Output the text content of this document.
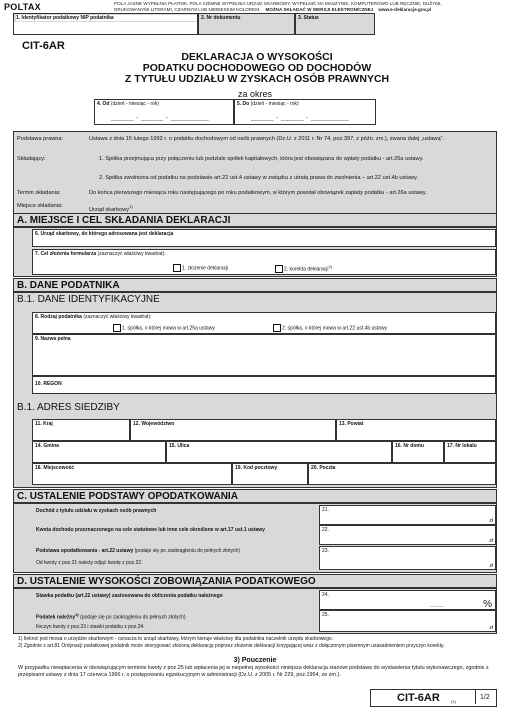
POLTAX	POLA JASNE WYPEŁNIA PŁATNIK, POLA CIEMNE WYPEŁNIA URZĄD SKARBOWY. WYPEŁNIĆ NA MASZYNIE, KOMPUTEROWO LUB RĘCZNIE, DUŻYMI,
DRUKOWANYMI LITERAMI, CZARNYM LUB NIEBIESKIM KOLOREM. MOŻNA SKŁADAĆ W WERSJI ELEKTRONICZNEJ www.e-deklaracje.gov.pl
1. Identyfikator podatkowy NIP podatnika	2. Nr dokumentu	3. Status
CIT-6AR
DEKLARACJA O WYSOKOŚCI
PODATKU DOCHODOWEGO OD DOCHODÓW
Z TYTUŁU UDZIAŁU W ZYSKACH OSÓB PRAWNYCH
za okres
4. Od (dzień - miesiąc - rok)
______ - ______ - __________
5. Do (dzień - miesiąc - rok)
______ - ______ - __________
Podstawa prawna:	Ustawa z dnia 15 lutego 1992 r. o podatku dochodowym od osób prawnych (Dz.U. z 2011 r. Nr 74, poz.397, z późn. zm.), zwana dalej „ustawą”.
Składający:	1. Spółka przejmująca przy połączeniu lub podziale spółek kapitałowych, która jest obowiązana do wpłaty podatku - art.25a ustawy.
2. Spółka zwolniona od podatku na podstawie art.22 ust.4 ustawy w związku z utratą prawa do zwolnienia – art.22 ust.4b ustawy.
Termin składania:	Do końca pierwszego miesiąca roku następującego po roku podatkowym, w którym powstał obowiązek zapłaty podatku - art.26a ustawy.
Miejsce składania:
Urząd skarbowy$^{1)}$
A. MIEJSCE I CEL SKŁADANIA DEKLARACJI
6. Urząd skarbowy, do którego adresowana jest deklaracja
7. Cel złożenia formularza (zaznaczyć właściwy kwadrat):
1. złożenie deklaracji	2. korekta deklaracji$^{2)}$
B. DANE PODATNIKA
B.1. DANE IDENTYFIKACYJNE
8. Rodzaj podatnika (zaznaczyć właściwy kwadrat):
1. spółka, o której mowa w art.25a ustawy	2. spółka, o której mowa w art.22 ust.4b ustawy
9. Nazwa pełna
10. REGON
B.1. ADRES SIEDZIBY
11. Kraj	12. Województwo	13. Powiat
14. Gmina	15. Ulica	16. Nr domu	17. Nr lokalu
18. Miejscowość	19. Kod pocztowy	20. Poczta
C. USTALENIE PODSTAWY OPODATKOWANIA
Dochód z tytułu udziału w zyskach osób prawnych	21.
zł
Kwota dochodu przeznaczonego na cele statutowe lub inne cele określone w art.17 ust.1 ustawy	22.
zł
Podstawa opodatkowania - art.22 ustawy (podaje się po zaokrągleniu do pełnych złotych)
Od kwoty z poz.21 należy odjąć kwotę z poz.22.
23.
zł
D. USTALENIE WYSOKOŚCI ZOBOWIĄZANIA PODATKOWEGO
Stawka podatku (art.22 ustawy) zastosowana do obliczenia podatku należnego	24.
..........	%
Podatek należny$^{3)}$ (podaje się po zaokrągleniu do pełnych złotych)
Iloczyn kwoty z poz.23 i stawki podatku z poz.24.
25.
zł
1) Ilekroć jest mowa o urzędzie skarbowym - oznacza to urząd skarbowy, którym kieruje właściwy dla podatnika naczelnik urzędu skarbowego.
2) Zgodnie z art.81 Ordynacji podatkowej podatnik może skorygować złożoną deklarację poprzez złożenie deklaracji korygującej wraz z dołączonym pisemnym uzasadnieniem przyczyn korekty.
3) Pouczenie
W przypadku niewpłacenia w obowiązującym terminie kwoty z poz.25 lub wpłacenia jej w niepełnej wysokości niniejsza deklaracja stanowi podstawę do wystawienia tytułu wykonawczego, zgodnie z przepisami ustawy z dnia 17 czerwca 1966 r. o postępowaniu egzekucyjnym w administracji (Dz.U. z 2005 r. Nr 229, poz.1954, ze zm.).
CIT-6AR	(1)
1/2
